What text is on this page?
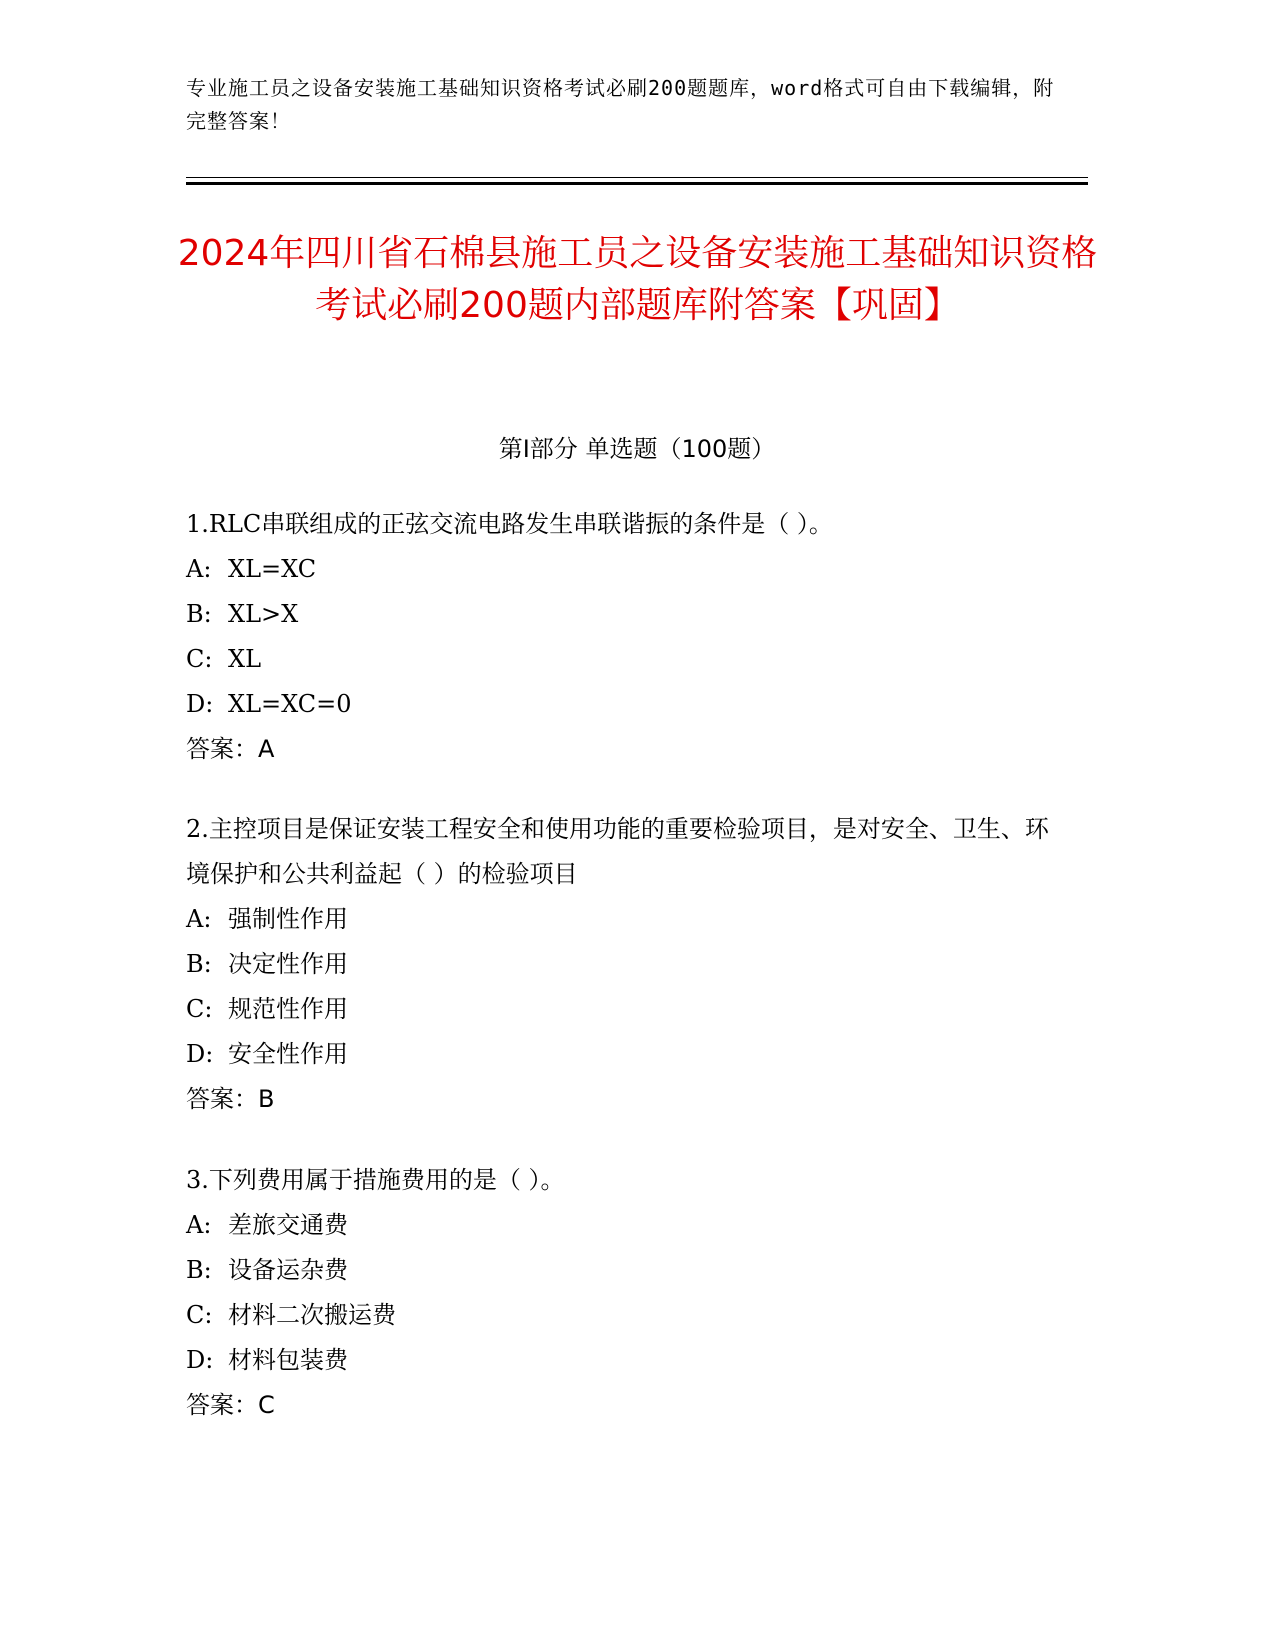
专业施工员之设备安装施工基础知识资格考试必刷200题题库，word格式可自由下载编辑，附完整答案！

2024年四川省石棉县施工员之设备安装施工基础知识资格考试必刷200题内部题库附答案【巩固】
第I部分 单选题（100题）

1.RLC串联组成的正弦交流电路发生串联谐振的条件是（ ）。

A: XL=XC

B: XL>X

C: XL

D: XL=XC=0

答案：A

2.主控项目是保证安装工程安全和使用功能的重要检验项目，是对安全、卫生、环境保护和公共利益起（ ）的检验项目

A: 强制性作用

B: 决定性作用

C: 规范性作用

D: 安全性作用

答案：B

3.下列费用属于措施费用的是（ ）。

A: 差旅交通费

B: 设备运杂费

C: 材料二次搬运费

D: 材料包装费

答案：C
